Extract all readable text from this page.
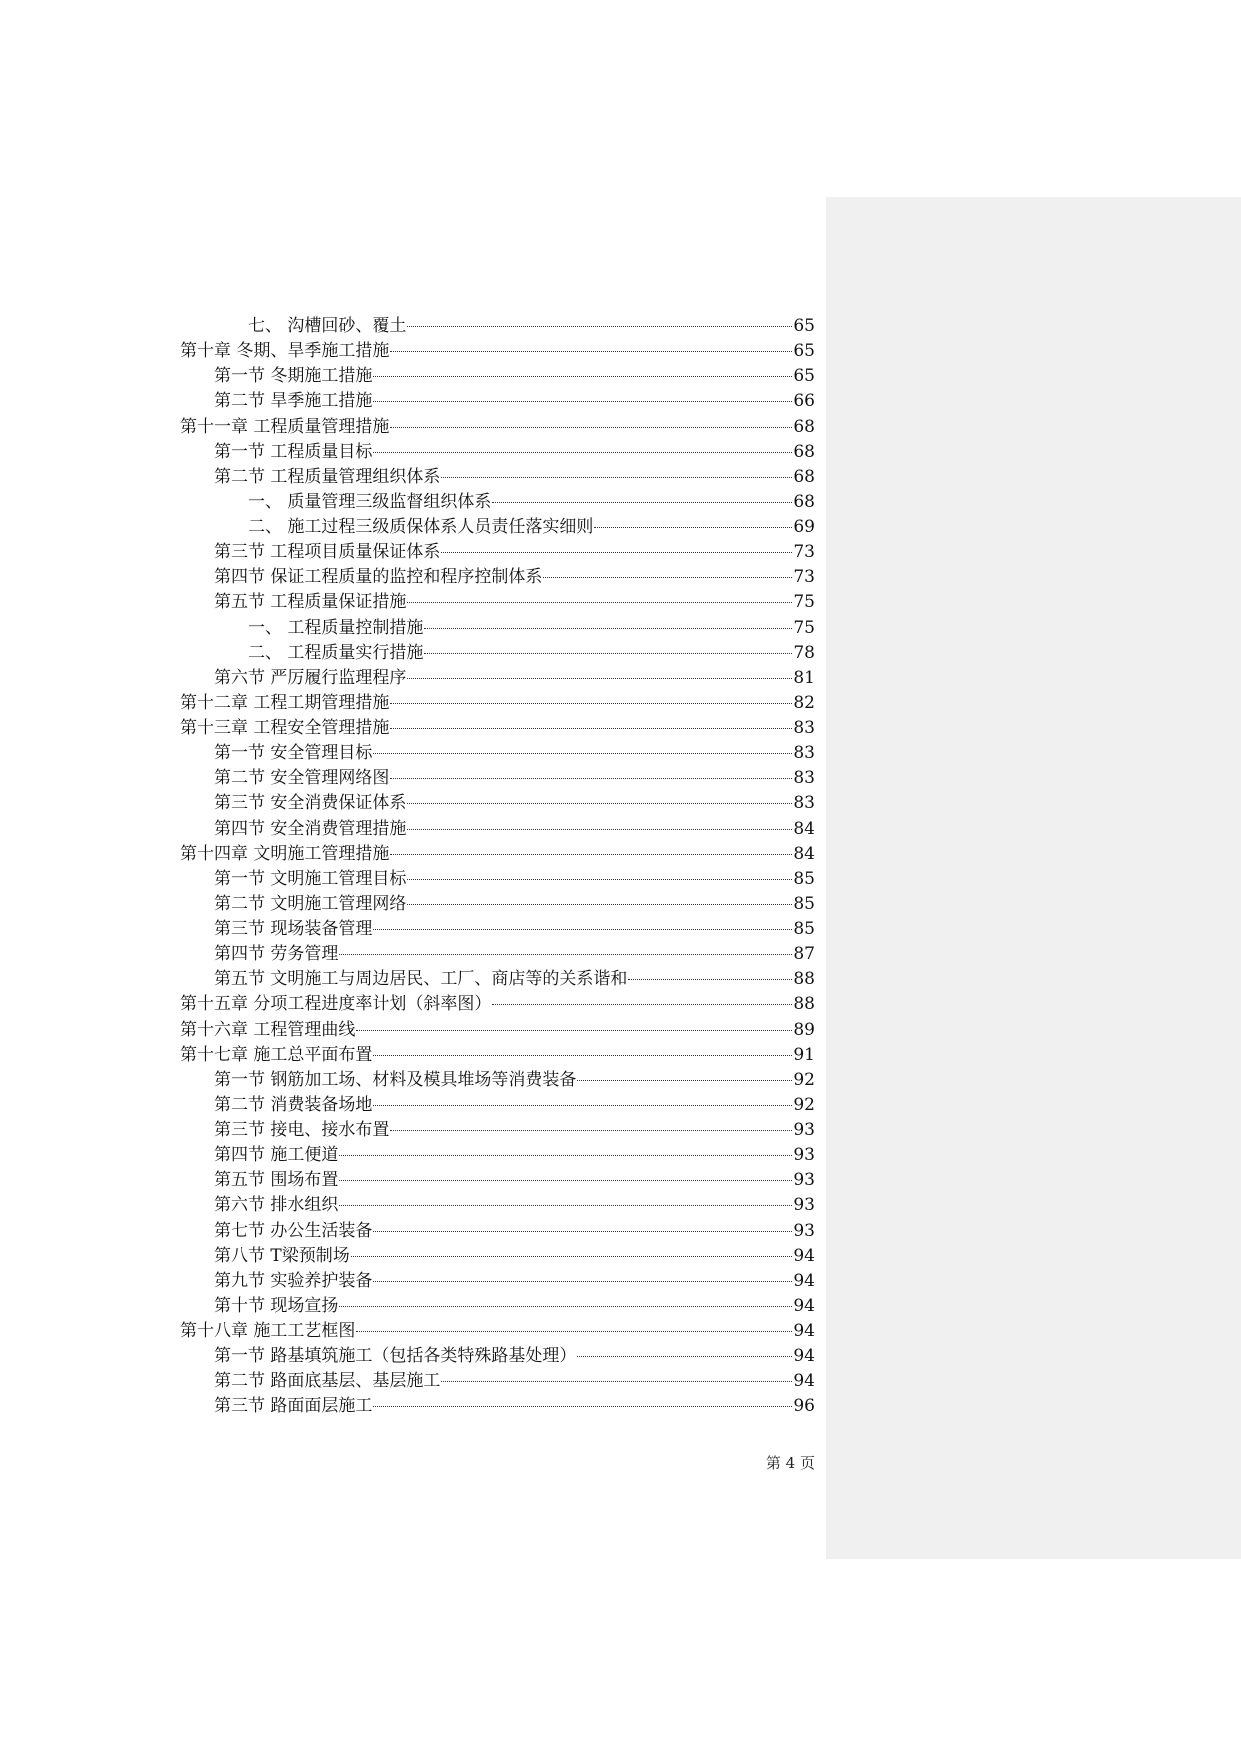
七、 沟槽回砂、覆土	65
第十章 冬期、旱季施工措施	65
第一节 冬期施工措施	65
第二节 旱季施工措施	66
第十一章 工程质量管理措施	68
第一节 工程质量目标	68
第二节 工程质量管理组织体系	68
一、 质量管理三级监督组织体系	68
二、 施工过程三级质保体系人员责任落实细则	69
第三节 工程项目质量保证体系	73
第四节 保证工程质量的监控和程序控制体系	73
第五节 工程质量保证措施	75
一、 工程质量控制措施	75
二、 工程质量实行措施	78
第六节 严厉履行监理程序	81
第十二章 工程工期管理措施	82
第十三章 工程安全管理措施	83
第一节 安全管理目标	83
第二节 安全管理网络图	83
第三节 安全消费保证体系	83
第四节 安全消费管理措施	84
第十四章 文明施工管理措施	84
第一节 文明施工管理目标	85
第二节 文明施工管理网络	85
第三节 现场装备管理	85
第四节 劳务管理	87
第五节 文明施工与周边居民、工厂、商店等的关系谐和	88
第十五章 分项工程进度率计划（斜率图）	88
第十六章 工程管理曲线	89
第十七章 施工总平面布置	91
第一节 钢筋加工场、材料及模具堆场等消费装备	92
第二节 消费装备场地	92
第三节 接电、接水布置	93
第四节 施工便道	93
第五节 围场布置	93
第六节 排水组织	93
第七节 办公生活装备	93
第八节 T梁预制场	94
第九节 实验养护装备	94
第十节 现场宣扬	94
第十八章 施工工艺框图	94
第一节 路基填筑施工（包括各类特殊路基处理）	94
第二节 路面底基层、基层施工	94
第三节 路面面层施工	96
第 4 页
